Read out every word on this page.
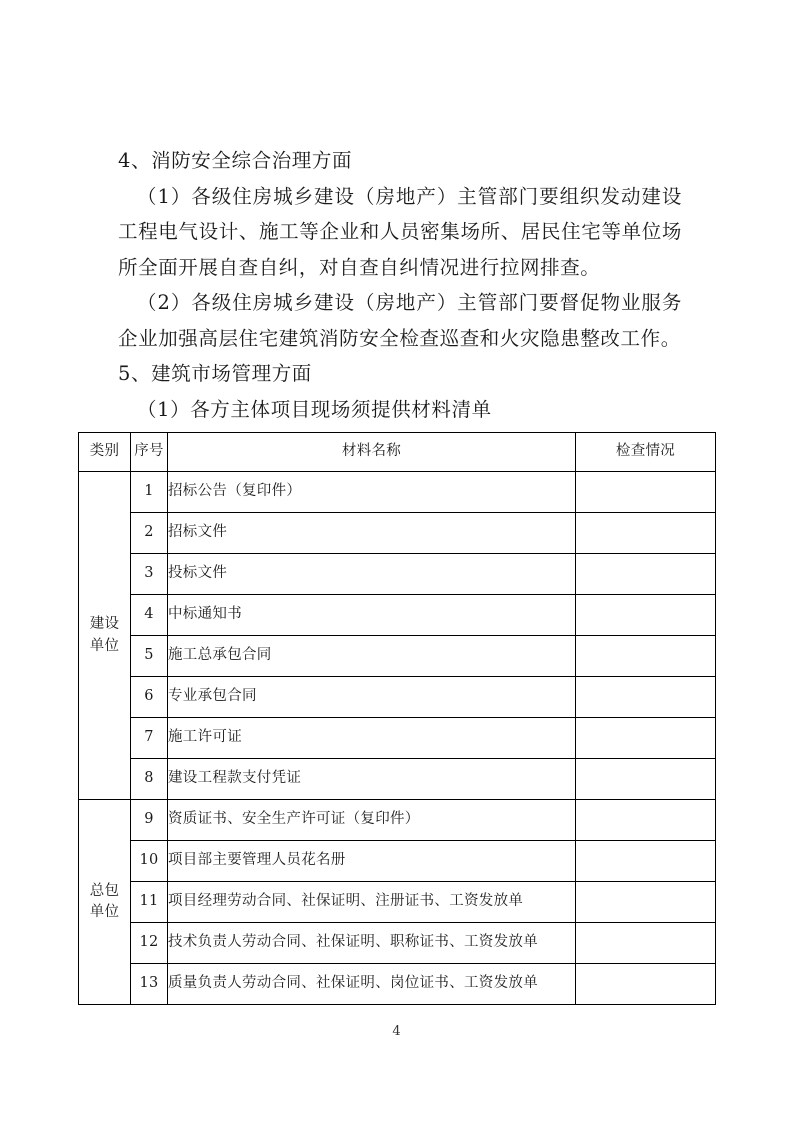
4、消防安全综合治理方面

（1）各级住房城乡建设（房地产）主管部门要组织发动建设工程电气设计、施工等企业和人员密集场所、居民住宅等单位场所全面开展自查自纠，对自查自纠情况进行拉网排查。

（2）各级住房城乡建设（房地产）主管部门要督促物业服务企业加强高层住宅建筑消防安全检查巡查和火灾隐患整改工作。

5、建筑市场管理方面

（1）各方主体项目现场须提供材料清单

类别	序号	材料名称	检查情况

建设
单位	1	招标公告（复印件）	
	2	招标文件	
	3	投标文件	
	4	中标通知书	
	5	施工总承包合同	
	6	专业承包合同	
	7	施工许可证	
	8	建设工程款支付凭证	

总包
单位	9	资质证书、安全生产许可证（复印件）	
	10	项目部主要管理人员花名册	
	11	项目经理劳动合同、社保证明、注册证书、工资发放单	
	12	技术负责人劳动合同、社保证明、职称证书、工资发放单	
	13	质量负责人劳动合同、社保证明、岗位证书、工资发放单	
4
